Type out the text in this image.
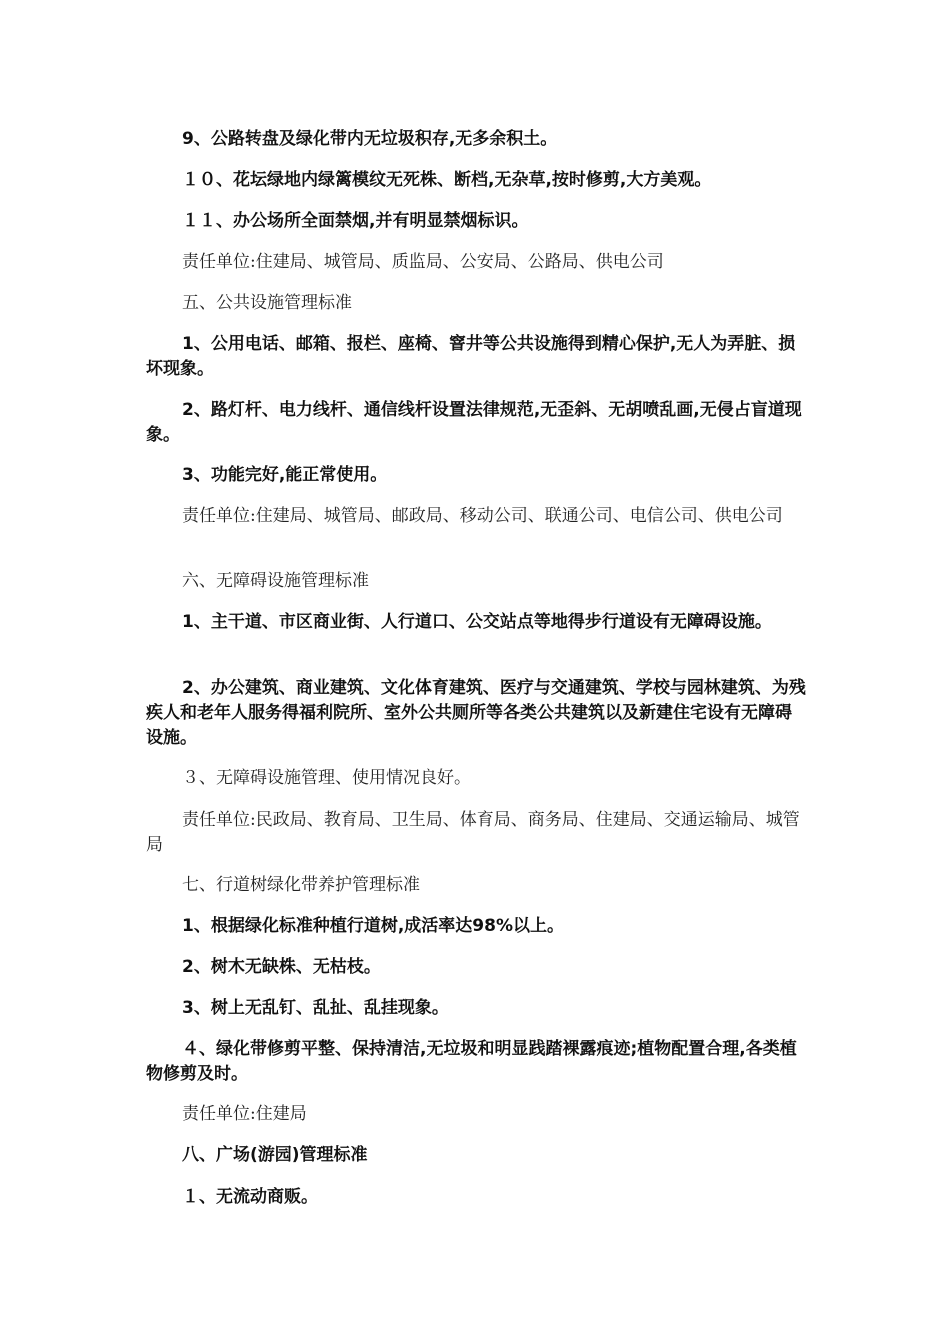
9、公路转盘及绿化带内无垃圾积存,无多余积土。

１０、花坛绿地内绿篱模纹无死株、断档,无杂草,按时修剪,大方美观。

１１、办公场所全面禁烟,并有明显禁烟标识。

责任单位:住建局、城管局、质监局、公安局、公路局、供电公司

五、公共设施管理标准

1、公用电话、邮箱、报栏、座椅、窨井等公共设施得到精心保护,无人为弄脏、损坏现象。

2、路灯杆、电力线杆、通信线杆设置法律规范,无歪斜、无胡喷乱画,无侵占盲道现象。

3、功能完好,能正常使用。

责任单位:住建局、城管局、邮政局、移动公司、联通公司、电信公司、供电公司

六、无障碍设施管理标准

1、主干道、市区商业街、人行道口、公交站点等地得步行道设有无障碍设施。

2、办公建筑、商业建筑、文化体育建筑、医疗与交通建筑、学校与园林建筑、为残疾人和老年人服务得福利院所、室外公共厕所等各类公共建筑以及新建住宅设有无障碍设施。

３、无障碍设施管理、使用情况良好。

责任单位:民政局、教育局、卫生局、体育局、商务局、住建局、交通运输局、城管局

七、行道树绿化带养护管理标准

1、根据绿化标准种植行道树,成活率达98%以上。

2、树木无缺株、无枯枝。

3、树上无乱钉、乱扯、乱挂现象。

４、绿化带修剪平整、保持清洁,无垃圾和明显践踏裸露痕迹;植物配置合理,各类植物修剪及时。

责任单位:住建局

八、广场(游园)管理标准

１、无流动商贩。
